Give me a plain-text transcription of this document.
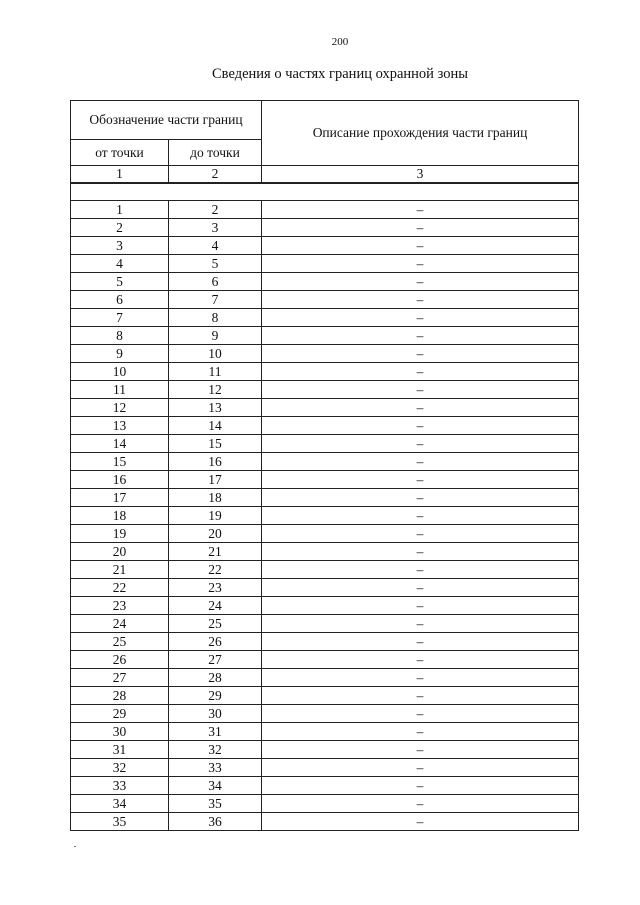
200
Сведения о частях границ охранной зоны
Обозначение части границ		Описание прохождения части границ
от точки	до точки	
1	2	3

1	2	–
2	3	–
3	4	–
4	5	–
5	6	–
6	7	–
7	8	–
8	9	–
9	10	–
10	11	–
11	12	–
12	13	–
13	14	–
14	15	–
15	16	–
16	17	–
17	18	–
18	19	–
19	20	–
20	21	–
21	22	–
22	23	–
23	24	–
24	25	–
25	26	–
26	27	–
27	28	–
28	29	–
29	30	–
30	31	–
31	32	–
32	33	–
33	34	–
34	35	–
35	36	–
